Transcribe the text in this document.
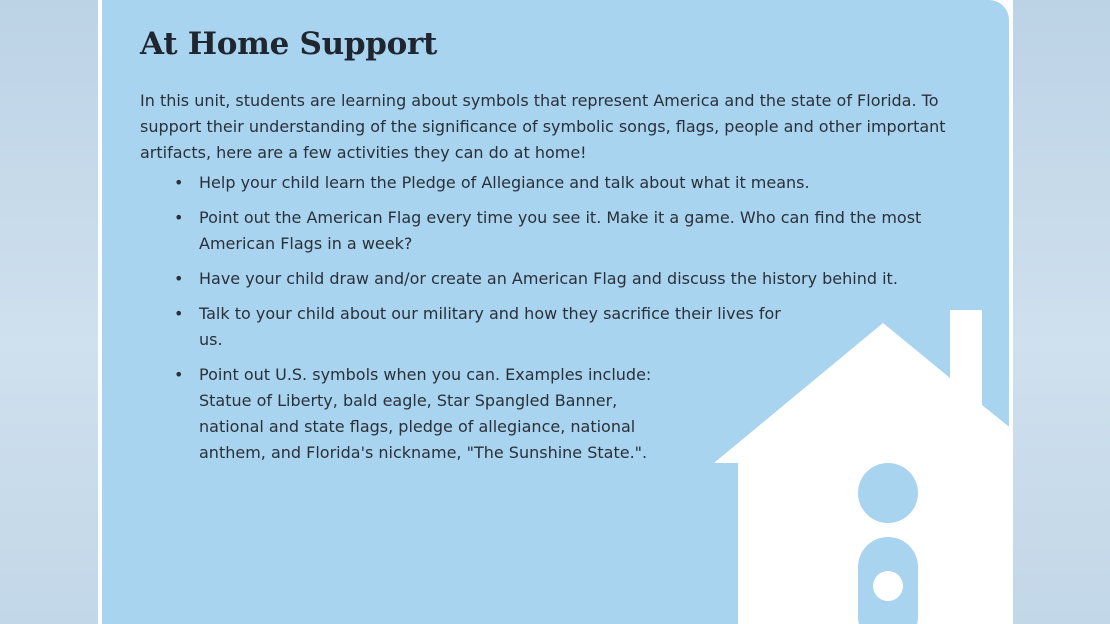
At Home Support

In this unit, students are learning about symbols that represent America and the state of Florida. To support their understanding of the significance of symbolic songs, flags, people and other important artifacts, here are a few activities they can do at home!

• Help your child learn the Pledge of Allegiance and talk about what it means.
• Point out the American Flag every time you see it. Make it a game. Who can find the most American Flags in a week?
• Have your child draw and/or create an American Flag and discuss the history behind it.
• Talk to your child about our military and how they sacrifice their lives for us.
• Point out U.S. symbols when you can. Examples include: Statue of Liberty, bald eagle, Star Spangled Banner, national and state flags, pledge of allegiance, national anthem, and Florida's nickname, "The Sunshine State.".
